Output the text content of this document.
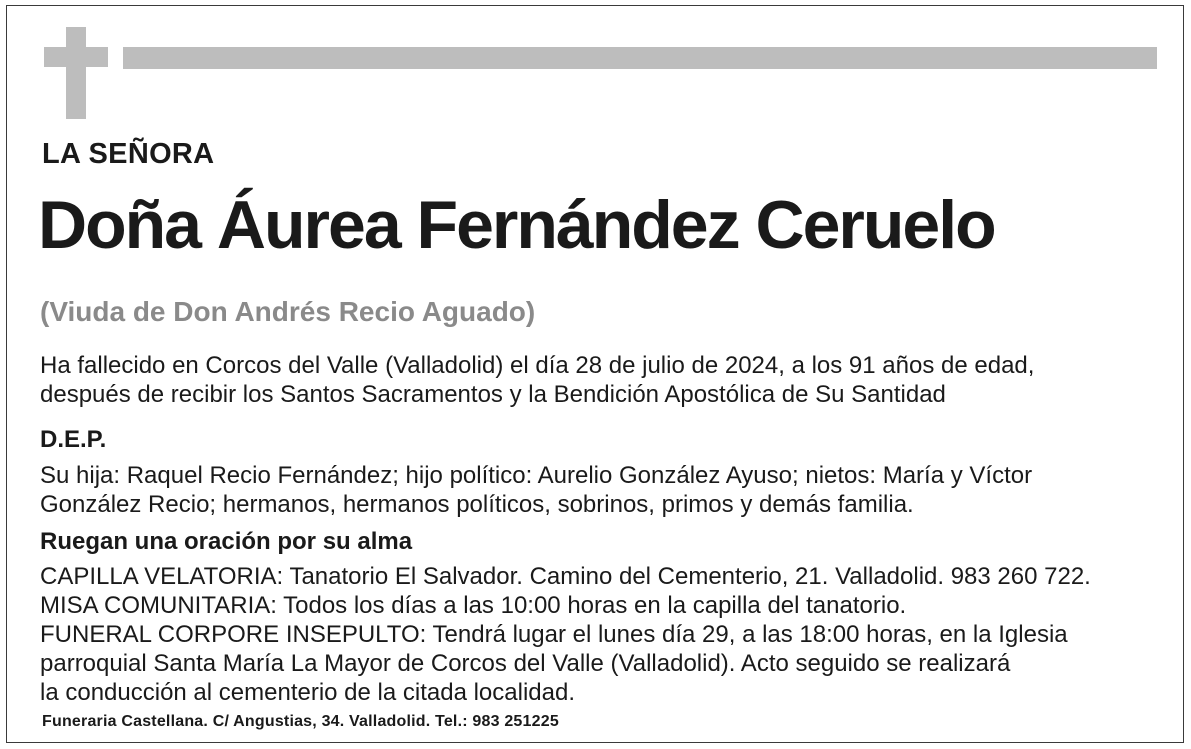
LA SEÑORA
Doña Áurea Fernández Ceruelo
(Viuda de Don Andrés Recio Aguado)
Ha fallecido en Corcos del Valle (Valladolid) el día 28 de julio de 2024, a los 91 años de edad,
después de recibir los Santos Sacramentos y la Bendición Apostólica de Su Santidad
D.E.P.
Su hija: Raquel Recio Fernández; hijo político: Aurelio González Ayuso; nietos: María y Víctor
González Recio; hermanos, hermanos políticos, sobrinos, primos y demás familia.
Ruegan una oración por su alma
CAPILLA VELATORIA: Tanatorio El Salvador. Camino del Cementerio, 21. Valladolid. 983 260 722.
MISA COMUNITARIA: Todos los días a las 10:00 horas en la capilla del tanatorio.
FUNERAL CORPORE INSEPULTO: Tendrá lugar el lunes día 29, a las 18:00 horas, en la Iglesia
parroquial Santa María La Mayor de Corcos del Valle (Valladolid). Acto seguido se realizará
la conducción al cementerio de la citada localidad.
Funeraria Castellana. C/ Angustias, 34. Valladolid. Tel.: 983 251225
